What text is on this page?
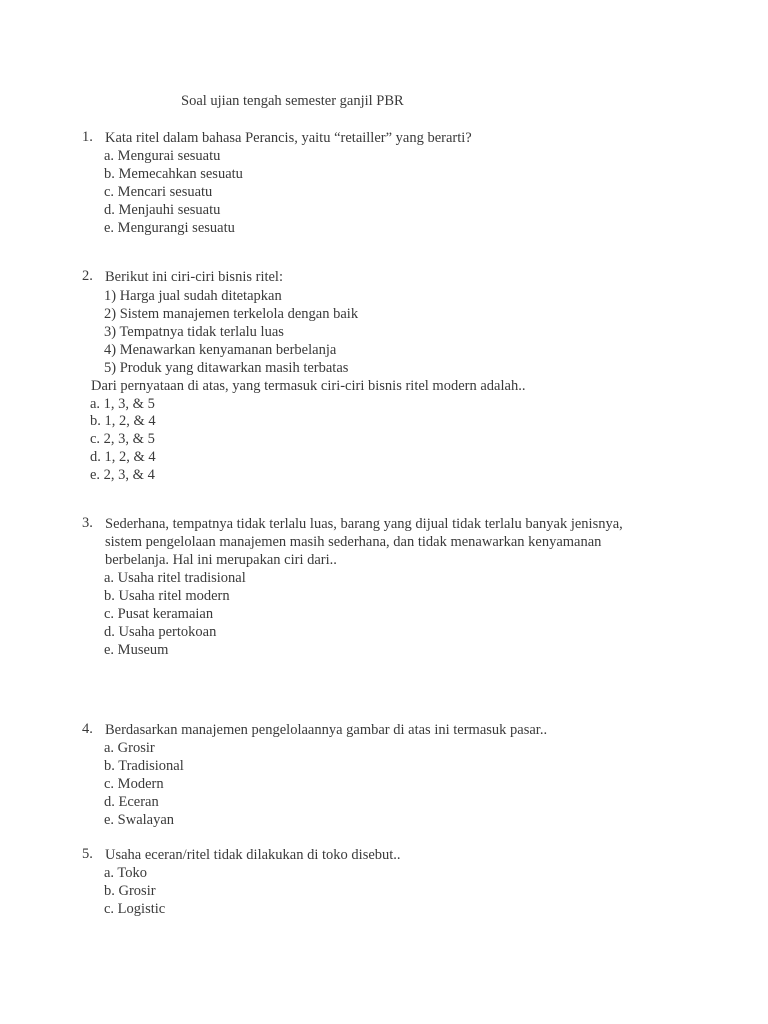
Soal ujian tengah semester ganjil PBR
1. Kata ritel dalam bahasa Perancis, yaitu “retailler” yang berarti?
a. Mengurai sesuatu
b. Memecahkan sesuatu
c. Mencari sesuatu
d. Menjauhi sesuatu
e. Mengurangi sesuatu
2. Berikut ini ciri-ciri bisnis ritel:
1) Harga jual sudah ditetapkan
2) Sistem manajemen terkelola dengan baik
3) Tempatnya tidak terlalu luas
4) Menawarkan kenyamanan berbelanja
5) Produk yang ditawarkan masih terbatas
Dari pernyataan di atas, yang termasuk ciri-ciri bisnis ritel modern adalah..
a. 1, 3, & 5
b. 1, 2, & 4
c. 2, 3, & 5
d. 1, 2, & 4
e. 2, 3, & 4
3. Sederhana, tempatnya tidak terlalu luas, barang yang dijual tidak terlalu banyak jenisnya,
sistem pengelolaan manajemen masih sederhana, dan tidak menawarkan kenyamanan
berbelanja. Hal ini merupakan ciri dari..
a. Usaha ritel tradisional
b. Usaha ritel modern
c. Pusat keramaian
d. Usaha pertokoan
e. Museum
4. Berdasarkan manajemen pengelolaannya gambar di atas ini termasuk pasar..
a. Grosir
b. Tradisional
c. Modern
d. Eceran
e. Swalayan
5. Usaha eceran/ritel tidak dilakukan di toko disebut..
a. Toko
b. Grosir
c. Logistic
